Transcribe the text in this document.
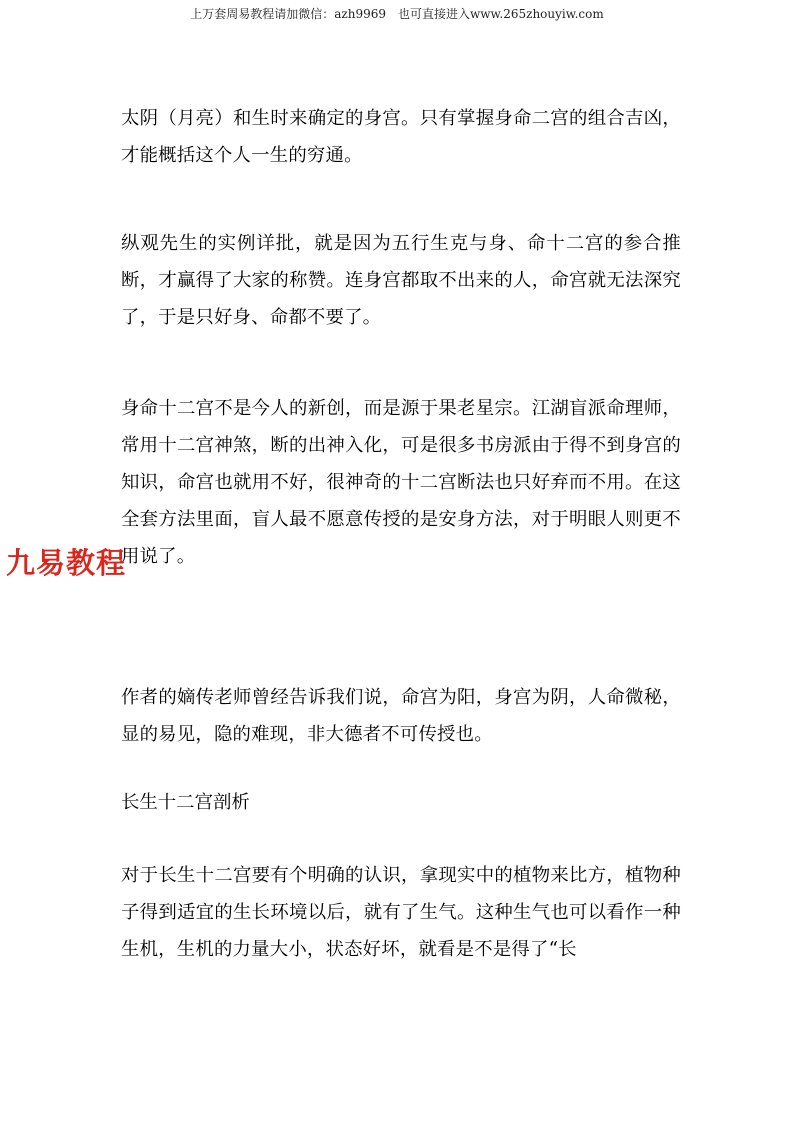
上万套周易教程请加微信：azh9969　也可直接进入www.265zhouyiw.com

太阴（月亮）和生时来确定的身宫。只有掌握身命二宫的组合吉凶，才能概括这个人一生的穷通。

纵观先生的实例详批，就是因为五行生克与身、命十二宫的参合推断，才赢得了大家的称赞。连身宫都取不出来的人，命宫就无法深究了，于是只好身、命都不要了。

身命十二宫不是今人的新创，而是源于果老星宗。江湖盲派命理师，常用十二宫神煞，断的出神入化，可是很多书房派由于得不到身宫的知识，命宫也就用不好，很神奇的十二宫断法也只好弃而不用。在这全套方法里面，盲人最不愿意传授的是安身方法，对于明眼人则更不用说了。

作者的嫡传老师曾经告诉我们说，命宫为阳，身宫为阴，人命微秘，显的易见，隐的难现，非大德者不可传授也。

长生十二宫剖析

对于长生十二宫要有个明确的认识，拿现实中的植物来比方，植物种子得到适宜的生长环境以后，就有了生气。这种生气也可以看作一种生机，生机的力量大小，状态好坏，就看是不是得了“长

九易教程
